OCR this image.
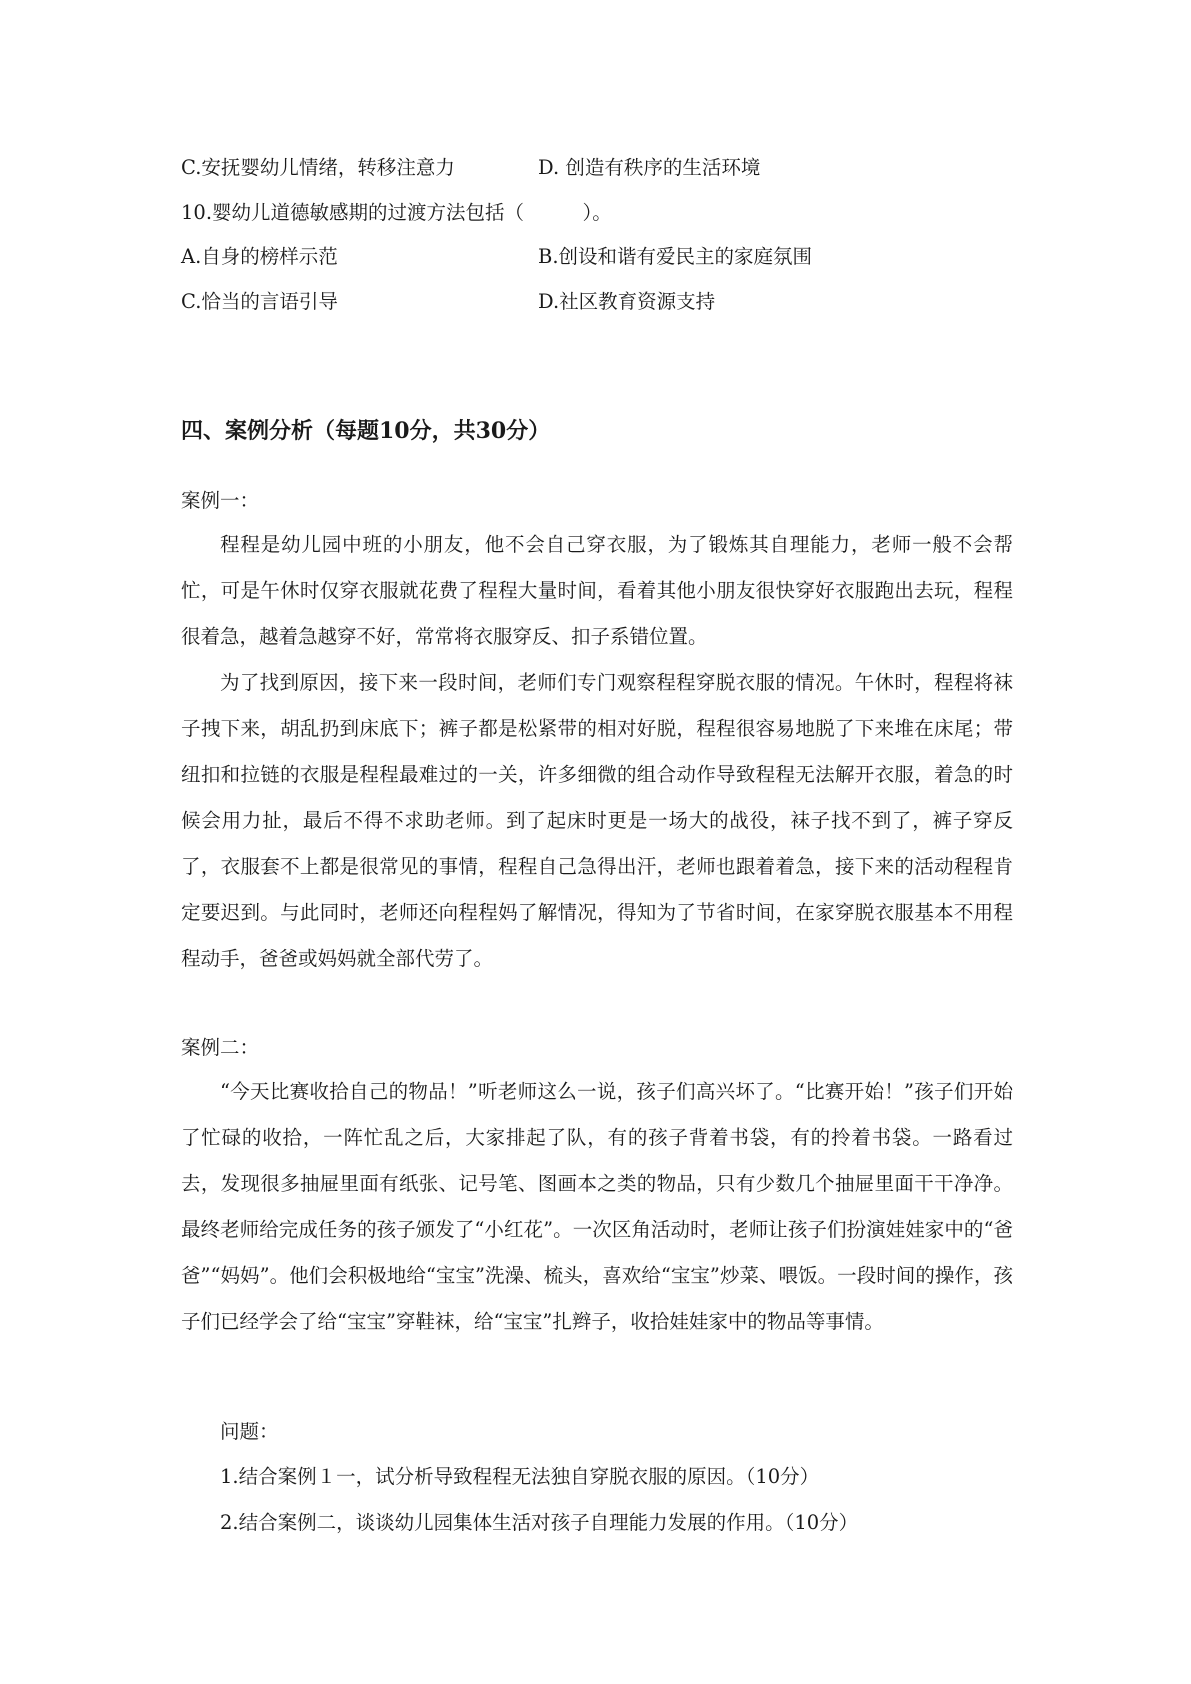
C.安抚婴幼儿情绪，转移注意力	D. 创造有秩序的生活环境
10.婴幼儿道德敏感期的过渡方法包括（　　　）。
A.自身的榜样示范	B.创设和谐有爱民主的家庭氛围
C.恰当的言语引导	D.社区教育资源支持
四、案例分析（每题10分，共30分）
案例一：
程程是幼儿园中班的小朋友，他不会自己穿衣服，为了锻炼其自理能力，老师一般不会帮忙，可是午休时仅穿衣服就花费了程程大量时间，看着其他小朋友很快穿好衣服跑出去玩，程程很着急，越着急越穿不好，常常将衣服穿反、扣子系错位置。
为了找到原因，接下来一段时间，老师们专门观察程程穿脱衣服的情况。午休时，程程将袜子拽下来，胡乱扔到床底下；裤子都是松紧带的相对好脱，程程很容易地脱了下来堆在床尾；带纽扣和拉链的衣服是程程最难过的一关，许多细微的组合动作导致程程无法解开衣服，着急的时候会用力扯，最后不得不求助老师。到了起床时更是一场大的战役，袜子找不到了，裤子穿反了，衣服套不上都是很常见的事情，程程自己急得出汗，老师也跟着着急，接下来的活动程程肯定要迟到。与此同时，老师还向程程妈了解情况，得知为了节省时间，在家穿脱衣服基本不用程程动手，爸爸或妈妈就全部代劳了。
案例二：
“今天比赛收拾自己的物品！”听老师这么一说，孩子们高兴坏了。“比赛开始！”孩子们开始了忙碌的收拾，一阵忙乱之后，大家排起了队，有的孩子背着书袋，有的拎着书袋。一路看过去，发现很多抽屉里面有纸张、记号笔、图画本之类的物品，只有少数几个抽屉里面干干净净。最终老师给完成任务的孩子颁发了“小红花”。一次区角活动时，老师让孩子们扮演娃娃家中的“爸爸”“妈妈”。他们会积极地给“宝宝”洗澡、梳头，喜欢给“宝宝”炒菜、喂饭。一段时间的操作，孩子们已经学会了给“宝宝”穿鞋袜，给“宝宝”扎辫子，收拾娃娃家中的物品等事情。
问题：
1.结合案例１一，试分析导致程程无法独自穿脱衣服的原因。（10分）
2.结合案例二，谈谈幼儿园集体生活对孩子自理能力发展的作用。（10分）
